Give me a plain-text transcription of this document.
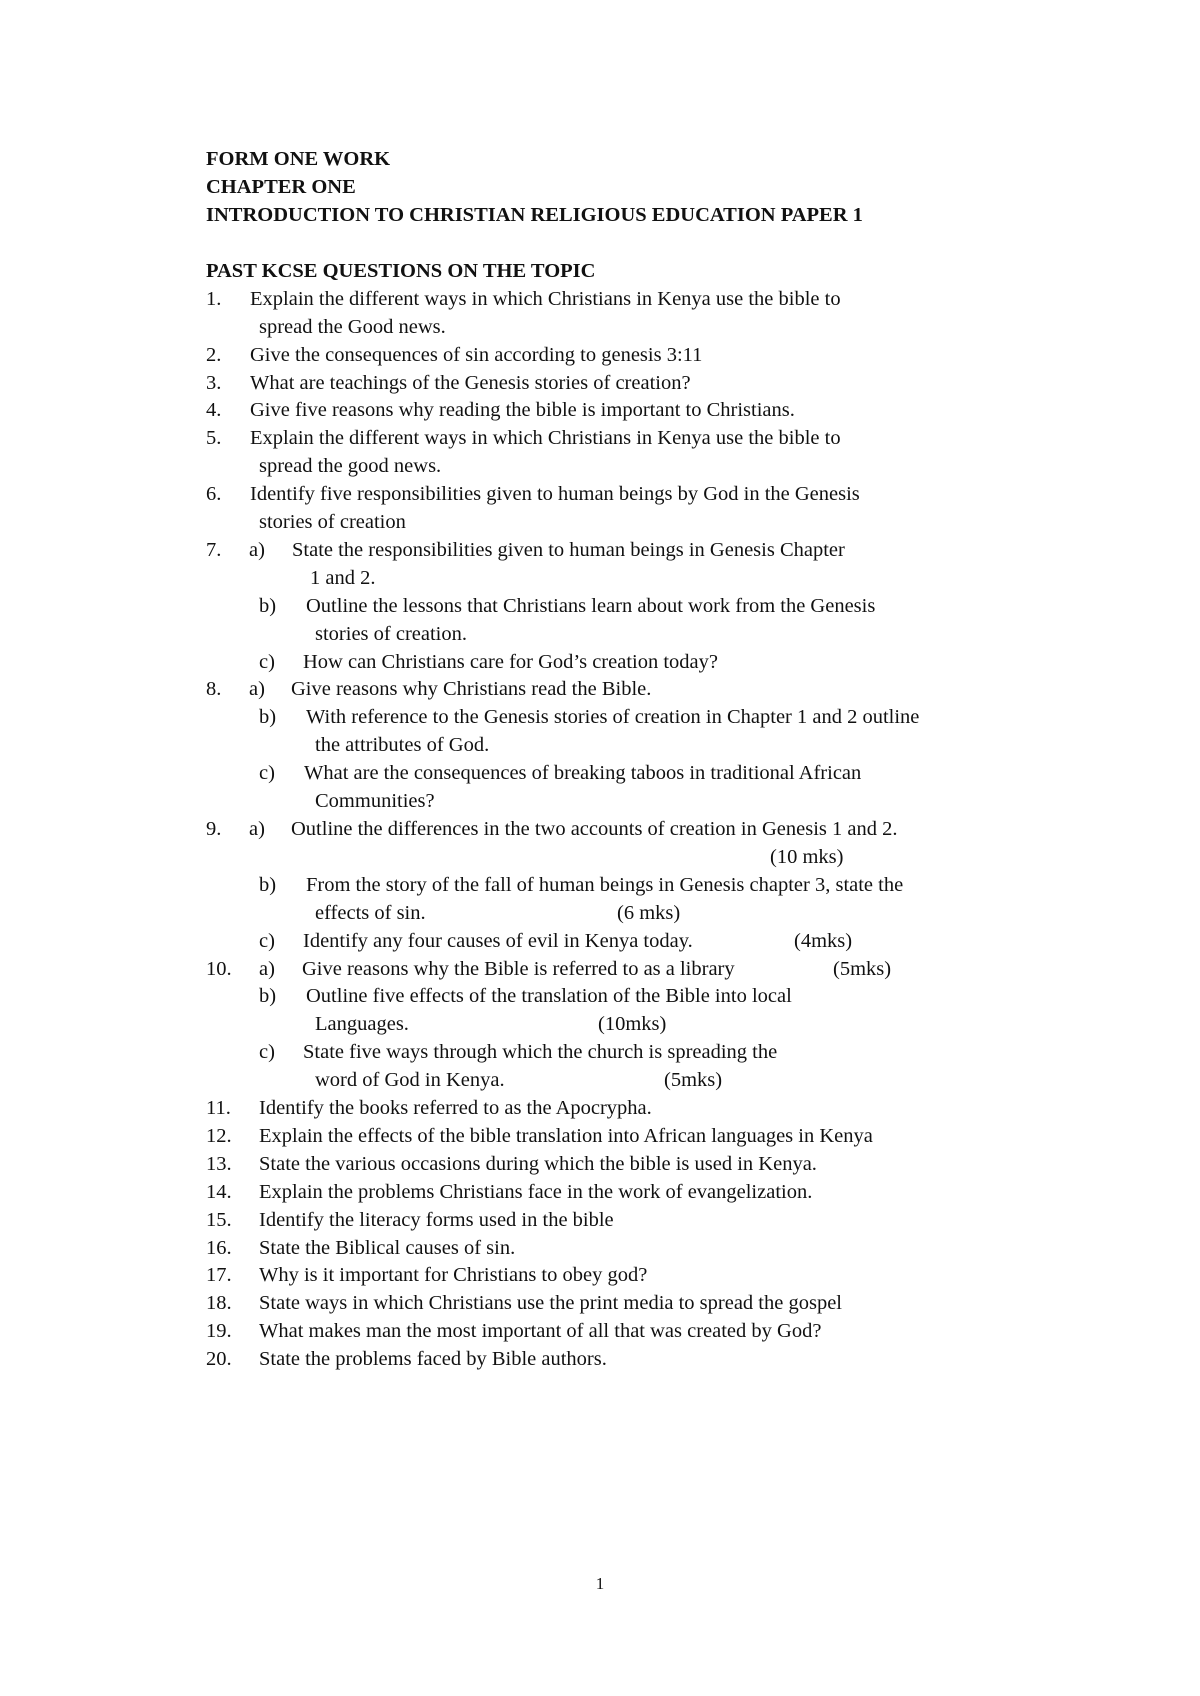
FORM ONE WORK
CHAPTER ONE
INTRODUCTION TO CHRISTIAN RELIGIOUS EDUCATION PAPER 1
PAST KCSE QUESTIONS ON THE TOPIC
1. Explain the different ways in which Christians in Kenya use the bible to
spread the Good news.
2. Give the consequences of sin according to genesis 3:11
3. What are teachings of the Genesis stories of creation?
4. Give five reasons why reading the bible is important to Christians.
5. Explain the different ways in which Christians in Kenya use the bible to
spread the good news.
6. Identify five responsibilities given to human beings by God in the Genesis
stories of creation
7. a) State the responsibilities given to human beings in Genesis Chapter
1 and 2.
b) Outline the lessons that Christians learn about work from the Genesis
stories of creation.
c) How can Christians care for God’s creation today?
8. a) Give reasons why Christians read the Bible.
b) With reference to the Genesis stories of creation in Chapter 1 and 2 outline
the attributes of God.
c) What are the consequences of breaking taboos in traditional African
Communities?
9. a) Outline the differences in the two accounts of creation in Genesis 1 and 2.
(10 mks)
b) From the story of the fall of human beings in Genesis chapter 3, state the
effects of sin.	(6 mks)
c) Identify any four causes of evil in Kenya today.	(4mks)
10. a) Give reasons why the Bible is referred to as a library	(5mks)
b) Outline five effects of the translation of the Bible into local
Languages.	(10mks)
c) State five ways through which the church is spreading the
word of God in Kenya.	(5mks)
11. Identify the books referred to as the Apocrypha.
12. Explain the effects of the bible translation into African languages in Kenya
13. State the various occasions during which the bible is used in Kenya.
14. Explain the problems Christians face in the work of evangelization.
15. Identify the literacy forms used in the bible
16. State the Biblical causes of sin.
17. Why is it important for Christians to obey god?
18. State ways in which Christians use the print media to spread the gospel
19. What makes man the most important of all that was created by God?
20. State the problems faced by Bible authors.
1
